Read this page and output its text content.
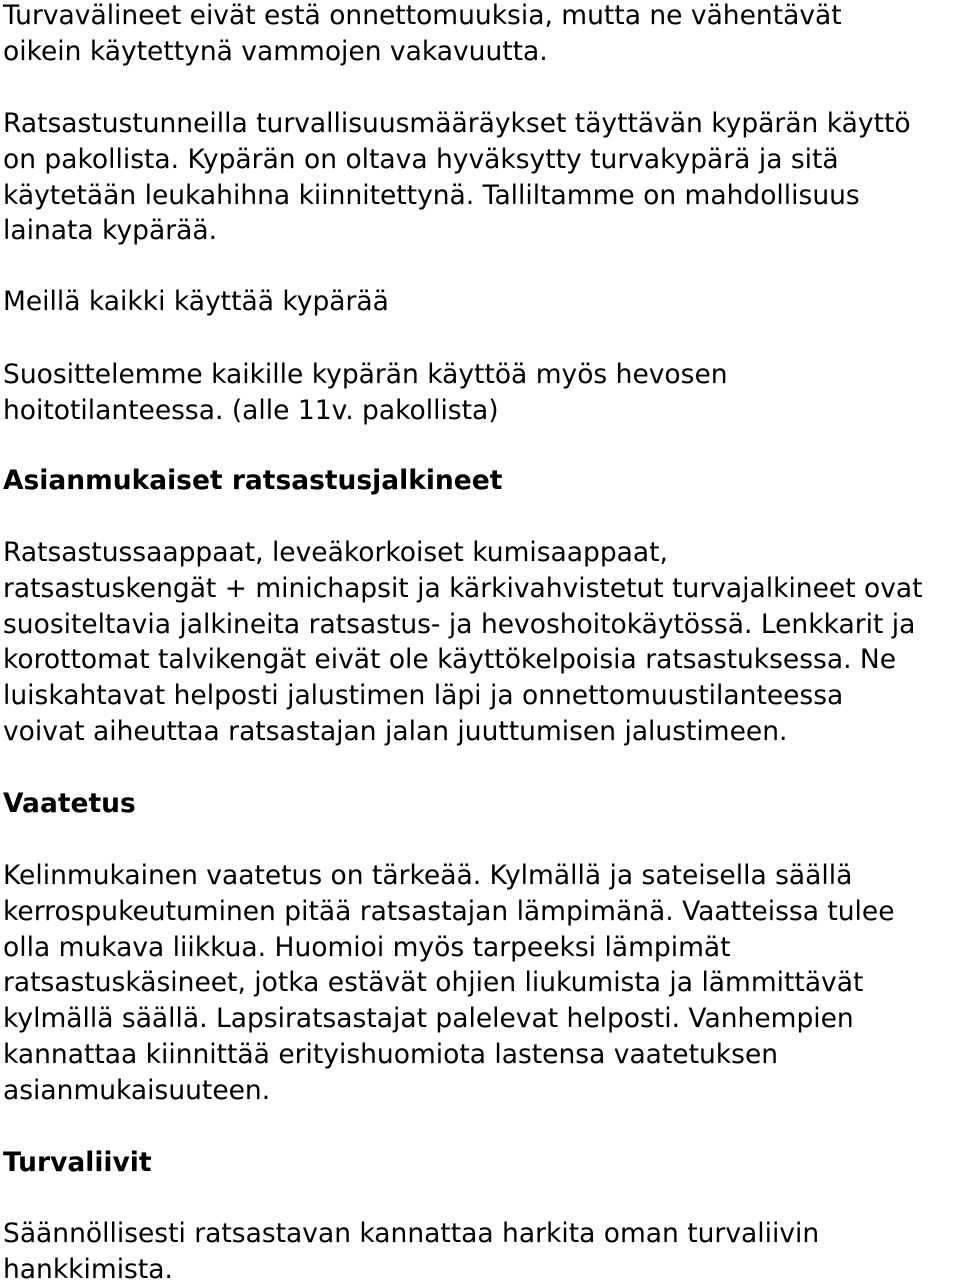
Turvavälineet eivät estä onnettomuuksia, mutta ne vähentävät
oikein käytettynä vammojen vakavuutta.

Ratsastustunneilla turvallisuusmääräykset täyttävän kypärän käyttö
on pakollista. Kypärän on oltava hyväksytty turvakypärä ja sitä
käytetään leukahihna kiinnitettynä. Talliltamme on mahdollisuus
lainata kypärää.

Meillä kaikki käyttää kypärää

Suosittelemme kaikille kypärän käyttöä myös hevosen
hoitotilanteessa. (alle 11v. pakollista)

Asianmukaiset ratsastusjalkineet

Ratsastussaappaat, leveäkorkoiset kumisaappaat,
ratsastuskengät + minichapsit ja kärkivahvistetut turvajalkineet ovat
suositeltavia jalkineita ratsastus- ja hevoshoitokäytössä. Lenkkarit ja
korottomat talvikengät eivät ole käyttökelpoisia ratsastuksessa. Ne
luiskahtavat helposti jalustimen läpi ja onnettomuustilanteessa
voivat aiheuttaa ratsastajan jalan juuttumisen jalustimeen.

Vaatetus

Kelinmukainen vaatetus on tärkeää. Kylmällä ja sateisella säällä
kerrospukeutuminen pitää ratsastajan lämpimänä. Vaatteissa tulee
olla mukava liikkua. Huomioi myös tarpeeksi lämpimät
ratsastuskäsineet, jotka estävät ohjien liukumista ja lämmittävät
kylmällä säällä. Lapsiratsastajat palelevat helposti. Vanhempien
kannattaa kiinnittää erityishuomiota lastensa vaatetuksen
asianmukaisuuteen.

Turvaliivit

Säännöllisesti ratsastavan kannattaa harkita oman turvaliivin
hankkimista.
